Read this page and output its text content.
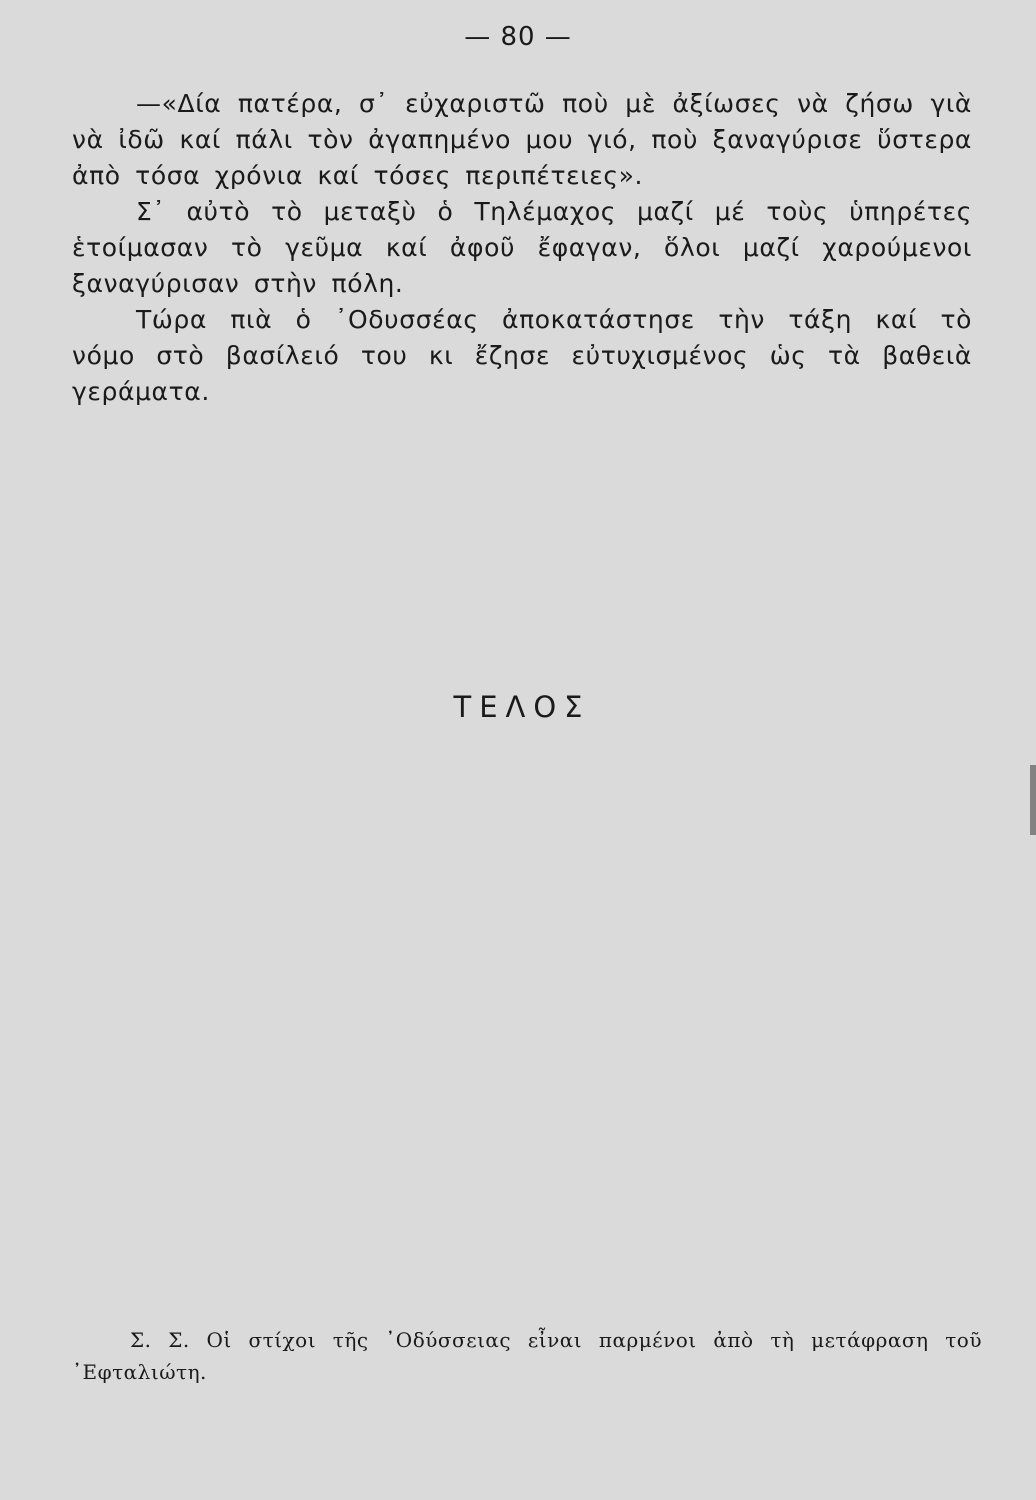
— 80 —

—«Δία πατέρα, σ᾽ εὐχαριστῶ ποὺ μὲ ἀξίωσες νὰ ζήσω γιὰ νὰ ἰδῶ καί πάλι τὸν ἀγαπημένο μου γιό, ποὺ ξαναγύρισε ὕστερα ἀπὸ τόσα χρόνια καί τόσες περιπέτειες».

Σ᾽ αὐτὸ τὸ μεταξὺ ὁ Τηλέμαχος μαζί μέ τοὺς ὑπηρέτες ἑτοίμασαν τὸ γεῦμα καί ἀφοῦ ἔφαγαν, ὅλοι μαζί χαρούμενοι ξαναγύρισαν στὴν πόλη.

Τώρα πιὰ ὁ ᾽Οδυσσέας ἀποκατάστησε τὴν τάξη καί τὸ νόμο στὸ βασίλειό του κι ἔζησε εὐτυχισμένος ὡς τὰ βαθειὰ γεράματα.

ΤΕΛΟΣ

Σ. Σ. Οἱ στίχοι τῆς ᾽Οδύσσειας εἶναι παρμένοι ἀπὸ τὴ μετάφραση τοῦ ᾽Εφταλιώτη.
